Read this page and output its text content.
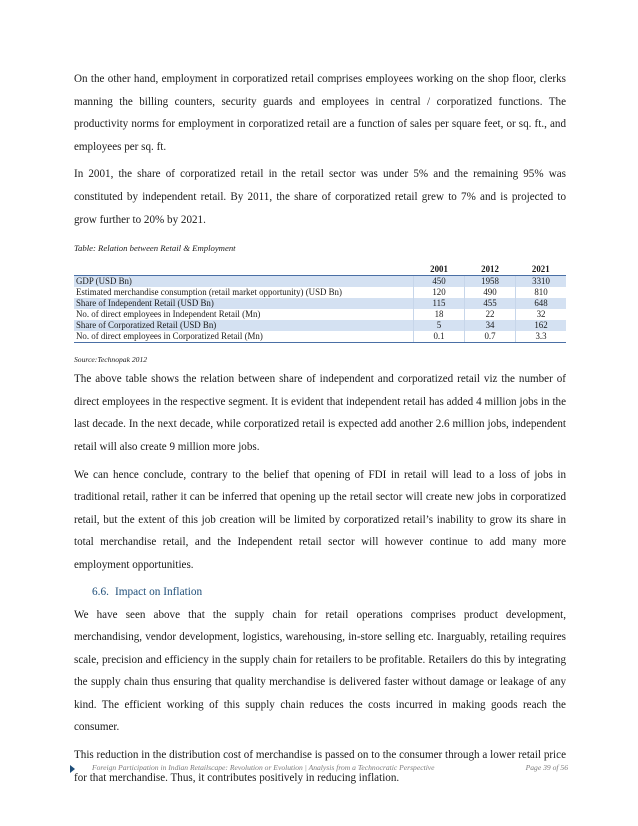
On the other hand, employment in corporatized retail comprises employees working on the shop floor, clerks manning the billing counters, security guards and employees in central / corporatized functions. The productivity norms for employment in corporatized retail are a function of sales per square feet, or sq. ft., and employees per sq. ft.

In 2001, the share of corporatized retail in the retail sector was under 5% and the remaining 95% was constituted by independent retail. By 2011, the share of corporatized retail grew to 7% and is projected to grow further to 20% by 2021.

Table: Relation between Retail & Employment
	2001	2012	2021
GDP (USD Bn)	450	1958	3310
Estimated merchandise consumption (retail market opportunity) (USD Bn)	120	490	810
Share of Independent Retail (USD Bn)	115	455	648
No. of direct employees in Independent Retail (Mn)	18	22	32
Share of Corporatized Retail (USD Bn)	5	34	162
No. of direct employees in Corporatized Retail (Mn)	0.1	0.7	3.3
Source:Technopak 2012

The above table shows the relation between share of independent and corporatized retail viz the number of direct employees in the respective segment. It is evident that independent retail has added 4 million jobs in the last decade. In the next decade, while corporatized retail is expected add another 2.6 million jobs, independent retail will also create 9 million more jobs.

We can hence conclude, contrary to the belief that opening of FDI in retail will lead to a loss of jobs in traditional retail, rather it can be inferred that opening up the retail sector will create new jobs in corporatized retail, but the extent of this job creation will be limited by corporatized retail’s inability to grow its share in total merchandise retail, and the Independent retail sector will however continue to add many more employment opportunities.

6.6. Impact on Inflation

We have seen above that the supply chain for retail operations comprises product development, merchandising, vendor development, logistics, warehousing, in-store selling etc. Inarguably, retailing requires scale, precision and efficiency in the supply chain for retailers to be profitable. Retailers do this by integrating the supply chain thus ensuring that quality merchandise is delivered faster without damage or leakage of any kind. The efficient working of this supply chain reduces the costs incurred in making goods reach the consumer.

This reduction in the distribution cost of merchandise is passed on to the consumer through a lower retail price for that merchandise. Thus, it contributes positively in reducing inflation.

Foreign Participation in Indian Retailscape: Revolution or Evolution | Analysis from a Technocratic Perspective	Page 39 of 56
